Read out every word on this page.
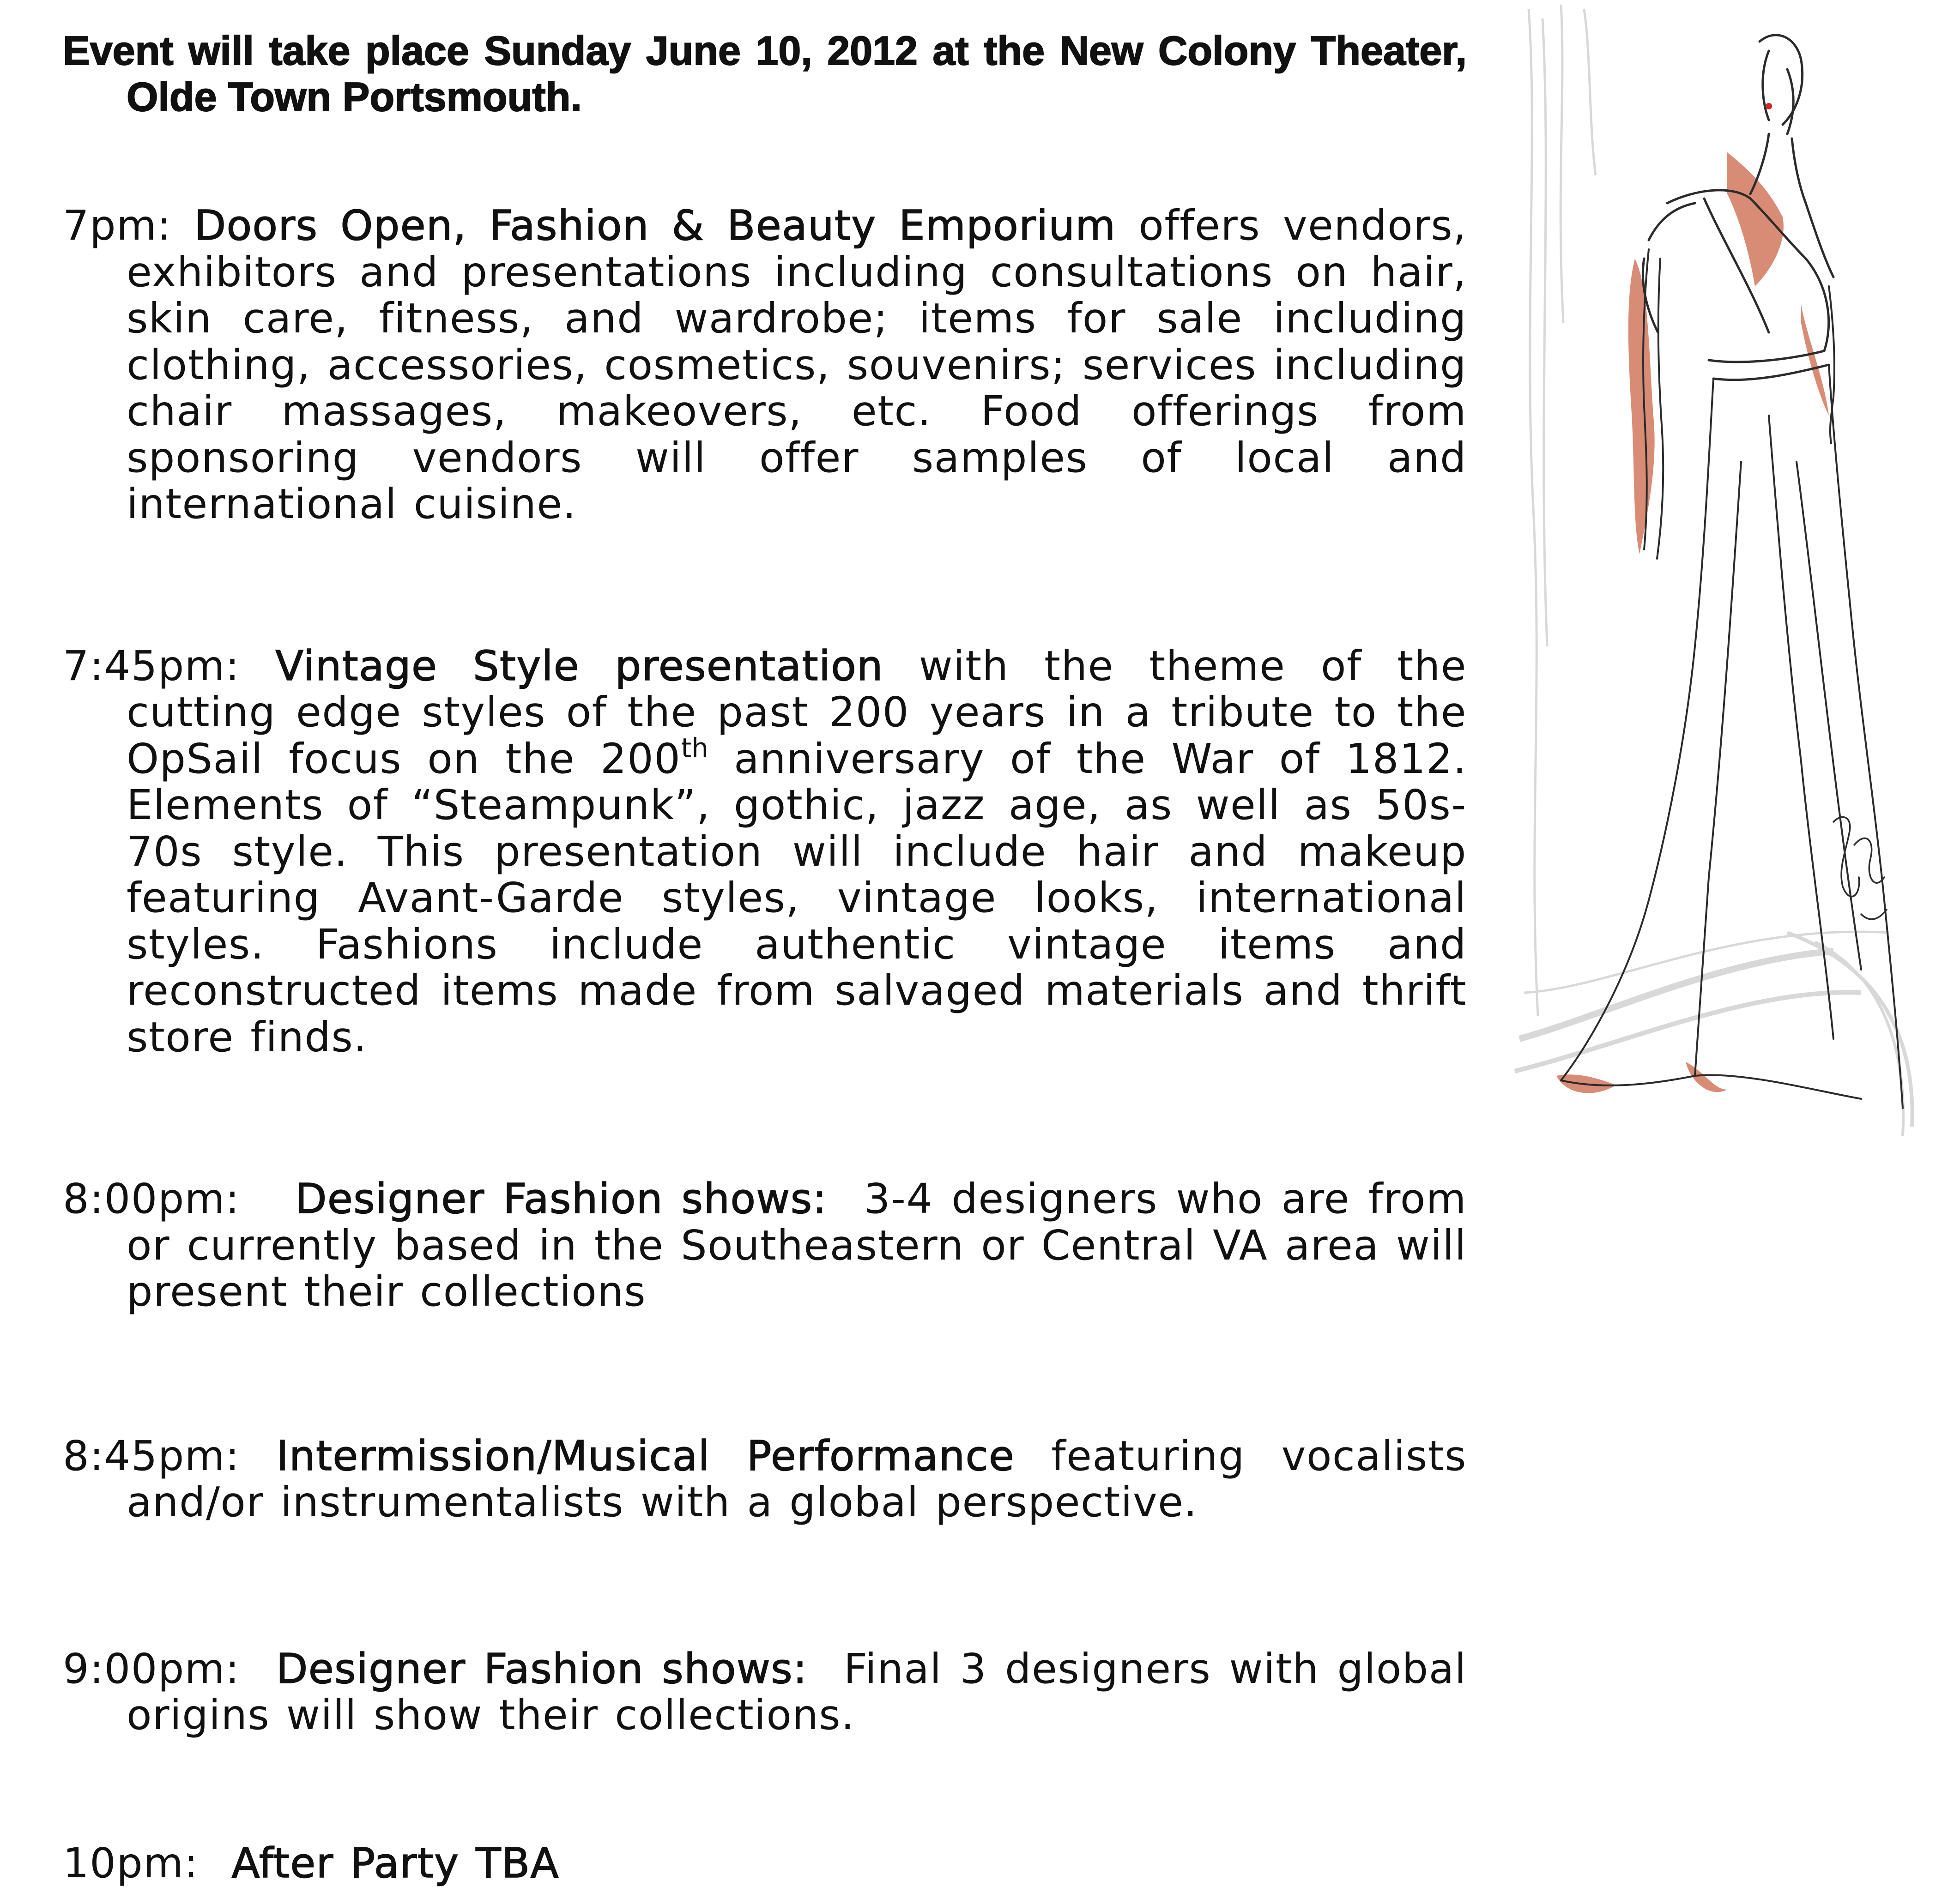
Event will take place Sunday June 10, 2012 at the New Colony Theater, Olde Town Portsmouth.

7pm: Doors Open, Fashion & Beauty Emporium offers vendors, exhibitors and presentations including consultations on hair, skin care, fitness, and wardrobe; items for sale including clothing, accessories, cosmetics, souvenirs; services including chair massages, makeovers, etc. Food offerings from sponsoring vendors will offer samples of local and international cuisine.

7:45pm: Vintage Style presentation with the theme of the cutting edge styles of the past 200 years in a tribute to the OpSail focus on the 200th anniversary of the War of 1812. Elements of “Steampunk”, gothic, jazz age, as well as 50s-70s style. This presentation will include hair and makeup featuring Avant-Garde styles, vintage looks, international styles. Fashions include authentic vintage items and reconstructed items made from salvaged materials and thrift store finds.

8:00pm: Designer Fashion shows: 3-4 designers who are from or currently based in the Southeastern or Central VA area will present their collections

8:45pm: Intermission/Musical Performance featuring vocalists and/or instrumentalists with a global perspective.

9:00pm: Designer Fashion shows: Final 3 designers with global origins will show their collections.

10pm: After Party TBA
